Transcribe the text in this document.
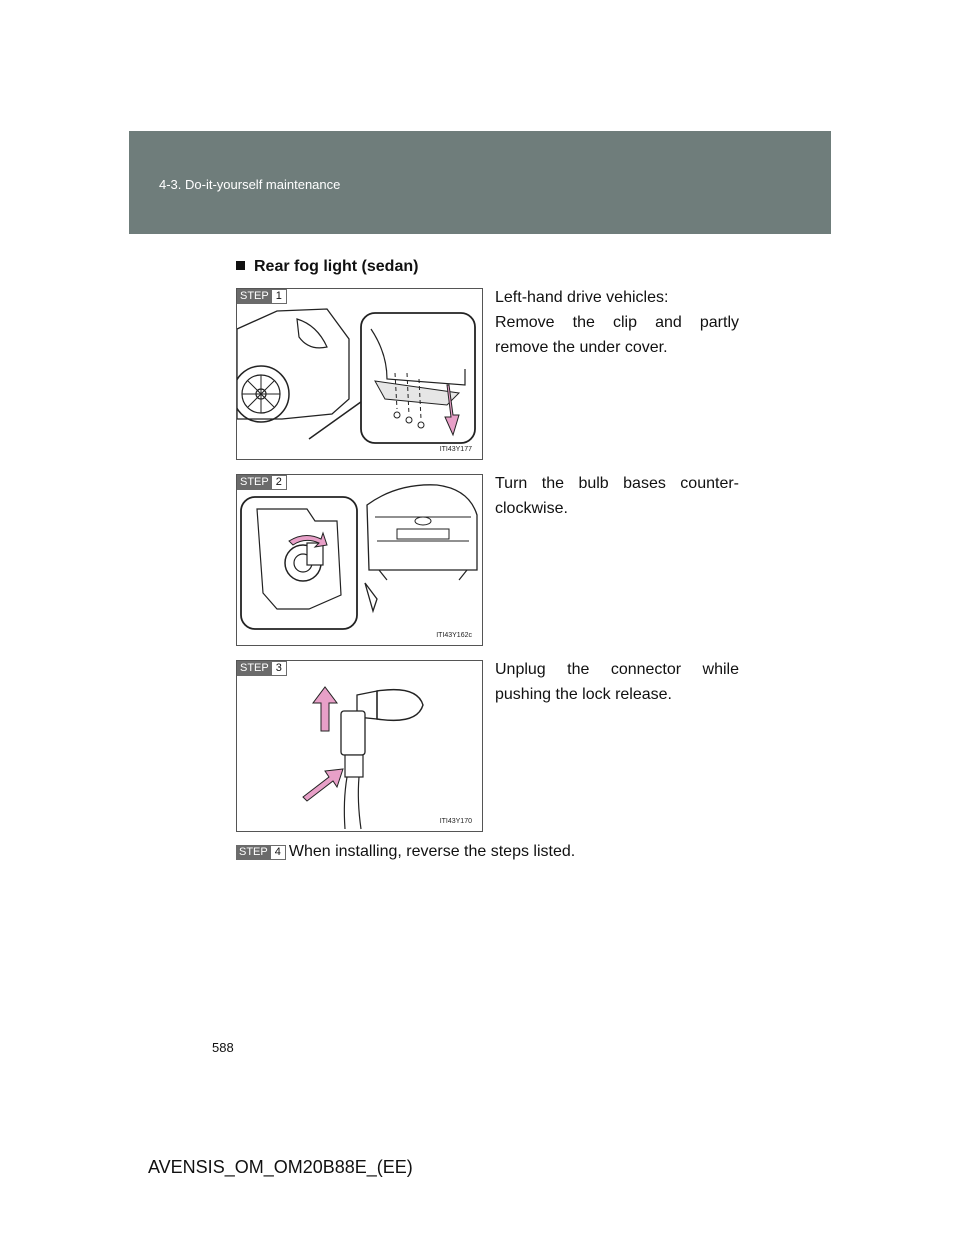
4-3. Do-it-yourself maintenance
Rear fog light (sedan)
STEP 1
ITI43Y177
Left-hand drive vehicles:
Remove the clip and partly remove the under cover.
STEP 2
ITI43Y162c
Turn the bulb bases counter-clockwise.
STEP 3
ITI43Y170
Unplug the connector while pushing the lock release.
STEP 4 When installing, reverse the steps listed.
588
AVENSIS_OM_OM20B88E_(EE)
